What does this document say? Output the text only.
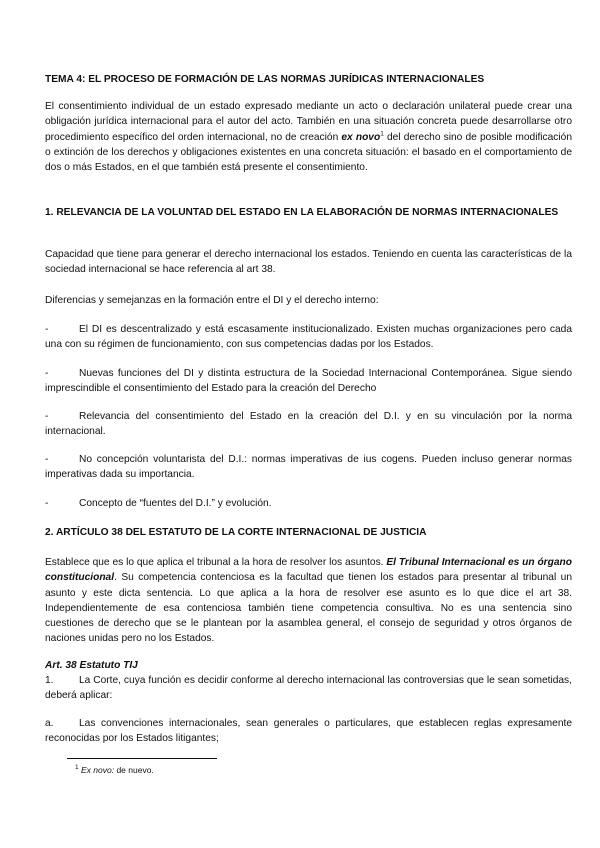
TEMA 4: EL PROCESO DE FORMACIÓN DE LAS NORMAS JURÍDICAS INTERNACIONALES

El consentimiento individual de un estado expresado mediante un acto o declaración unilateral puede crear una obligación jurídica internacional para el autor del acto. También en una situación concreta puede desarrollarse otro procedimiento específico del orden internacional, no de creación ex novo$^1$ del derecho sino de posible modificación o extinción de los derechos y obligaciones existentes en una concreta situación: el basado en el comportamiento de dos o más Estados, en el que también está presente el consentimiento.

1. RELEVANCIA DE LA VOLUNTAD DEL ESTADO EN LA ELABORACIÓN DE NORMAS INTERNACIONALES

Capacidad que tiene para generar el derecho internacional los estados. Teniendo en cuenta las características de la sociedad internacional se hace referencia al art 38.

Diferencias y semejanzas en la formación entre el DI y el derecho interno:

-	El DI es descentralizado y está escasamente institucionalizado. Existen muchas organizaciones pero cada una con su régimen de funcionamiento, con sus competencias dadas por los Estados.
-	Nuevas funciones del DI y distinta estructura de la Sociedad Internacional Contemporánea. Sigue siendo imprescindible el consentimiento del Estado para la creación del Derecho
-	Relevancia del consentimiento del Estado en la creación del D.I. y en su vinculación por la norma internacional.
-	No concepción voluntarista del D.I.: normas imperativas de ius cogens. Pueden incluso generar normas imperativas dada su importancia.
-	Concepto de “fuentes del D.I.” y evolución.
2. ARTÍCULO 38 DEL ESTATUTO DE LA CORTE INTERNACIONAL DE JUSTICIA

Establece que es lo que aplica el tribunal a la hora de resolver los asuntos. El Tribunal Internacional es un órgano constitucional. Su competencia contenciosa es la facultad que tienen los estados para presentar al tribunal un asunto y este dicta sentencia. Lo que aplica a la hora de resolver ese asunto es lo que dice el art 38. Independientemente de esa contenciosa también tiene competencia consultiva. No es una sentencia sino cuestiones de derecho que se le plantean por la asamblea general, el consejo de seguridad y otros órganos de naciones unidas pero no los Estados.

Art. 38 Estatuto TIJ
1.	La Corte, cuya función es decidir conforme al derecho internacional las controversias que le sean sometidas, deberá aplicar:
a.	Las convenciones internacionales, sean generales o particulares, que establecen reglas expresamente reconocidas por los Estados litigantes;
$^1$ Ex novo: de nuevo.
